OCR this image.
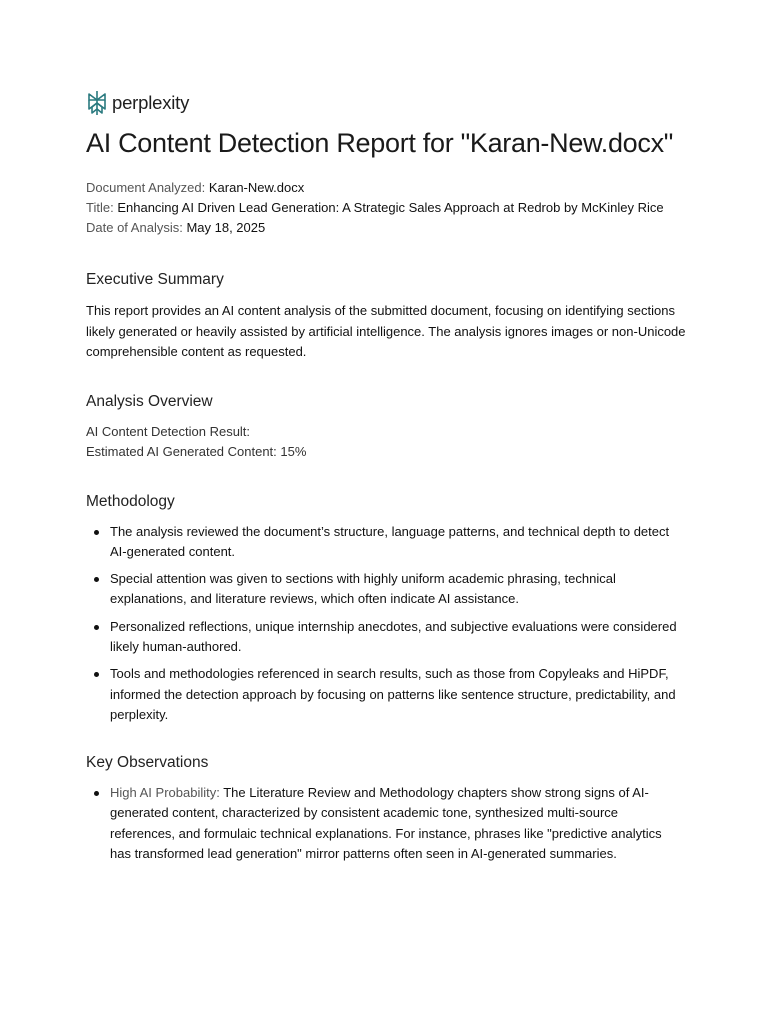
perplexity
AI Content Detection Report for "Karan-New.docx"
Document Analyzed: Karan-New.docx
Title: Enhancing AI Driven Lead Generation: A Strategic Sales Approach at Redrob by McKinley Rice
Date of Analysis: May 18, 2025
Executive Summary
This report provides an AI content analysis of the submitted document, focusing on identifying sections likely generated or heavily assisted by artificial intelligence. The analysis ignores images or non-Unicode comprehensible content as requested.
Analysis Overview
AI Content Detection Result:
Estimated AI Generated Content: 15%
Methodology
The analysis reviewed the document’s structure, language patterns, and technical depth to detect AI-generated content.
Special attention was given to sections with highly uniform academic phrasing, technical explanations, and literature reviews, which often indicate AI assistance.
Personalized reflections, unique internship anecdotes, and subjective evaluations were considered likely human-authored.
Tools and methodologies referenced in search results, such as those from Copyleaks and HiPDF, informed the detection approach by focusing on patterns like sentence structure, predictability, and perplexity.
Key Observations
High AI Probability: The Literature Review and Methodology chapters show strong signs of AI-generated content, characterized by consistent academic tone, synthesized multi-source references, and formulaic technical explanations. For instance, phrases like "predictive analytics has transformed lead generation" mirror patterns often seen in AI-generated summaries.
